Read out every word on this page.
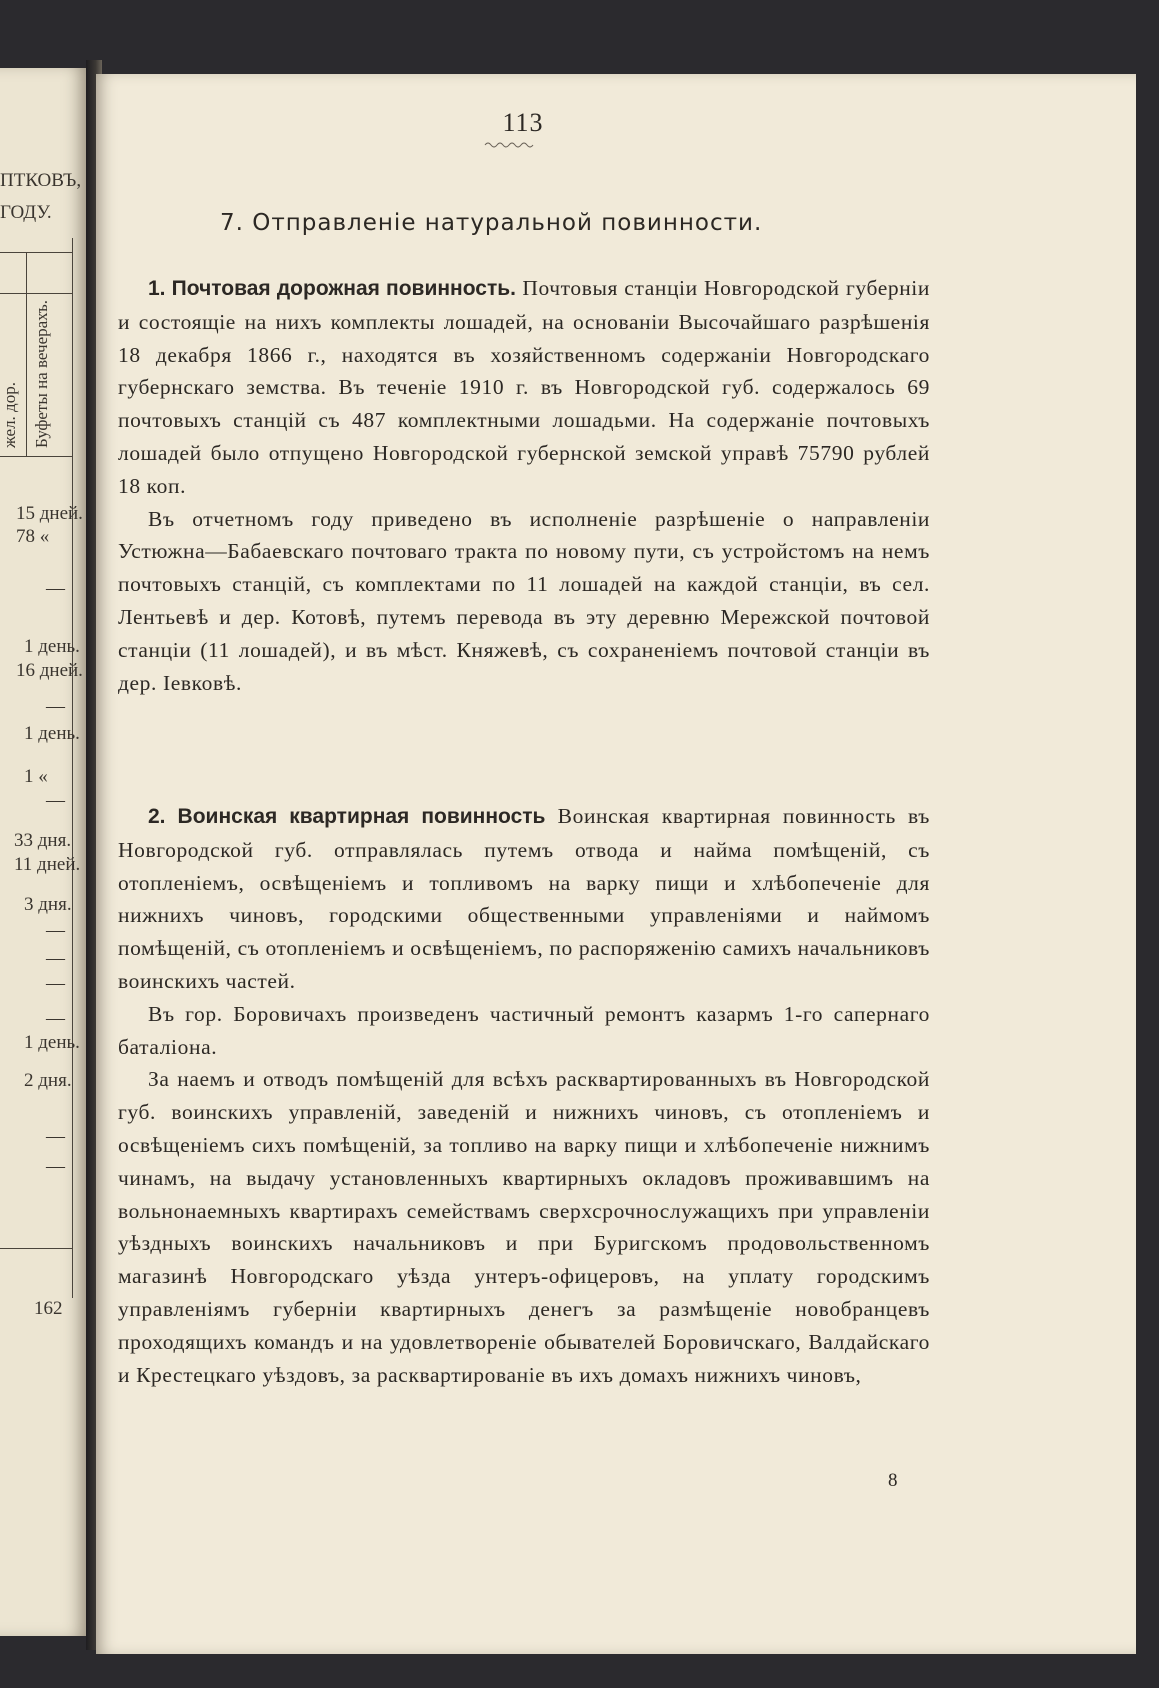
ПТКОВЪ,
ГОДУ.
жел. дор. Буфеты на вечерахъ.
15 дней.
78 «
—
1 день.
16 дней.
—
1 день.
1 «
—
33 дня.
11 дней.
3 дня.
—
—
—
—
1 день.
2 дня.
—
—
162
113
7. Отправленіе натуральной повинности.

1. Почтовая дорожная повинность. Почтовыя станціи Новгородской губерніи и состоящіе на нихъ комплекты лошадей, на основаніи Высочайшаго разрѣшенія 18 декабря 1866 г., находятся въ хозяйственномъ содержаніи Новгородскаго губернскаго земства. Въ теченіе 1910 г. въ Новгородской губ. содержалось 69 почтовыхъ станцій съ 487 комплектными лошадьми. На содержаніе почтовыхъ лошадей было отпущено Новгородской губернской земской управѣ 75790 рублей 18 коп.

Въ отчетномъ году приведено въ исполненіе разрѣшеніе о направленіи Устюжна—Бабаевскаго почтоваго тракта по новому пути, съ устройстомъ на немъ почтовыхъ станцій, съ комплектами по 11 лошадей на каждой станціи, въ сел. Лентьевѣ и дер. Котовѣ, путемъ перевода въ эту деревню Мережской почтовой станціи (11 лошадей), и въ мѣст. Княжевѣ, съ сохраненіемъ почтовой станціи въ дер. Іевковѣ.

2. Воинская квартирная повинность Воинская квартирная повинность въ Новгородской губ. отправлялась путемъ отвода и найма помѣщеній, съ отопленіемъ, освѣщеніемъ и топливомъ на варку пищи и хлѣбопеченіе для нижнихъ чиновъ, городскими общественными управленіями и наймомъ помѣщеній, съ отопленіемъ и освѣщеніемъ, по распоряженію самихъ начальниковъ воинскихъ частей.

Въ гор. Боровичахъ произведенъ частичный ремонтъ казармъ 1-го сапернаго баталіона.

За наемъ и отводъ помѣщеній для всѣхъ расквартированныхъ въ Новгородской губ. воинскихъ управленій, заведеній и нижнихъ чиновъ, съ отопленіемъ и освѣщеніемъ сихъ помѣщеній, за топливо на варку пищи и хлѣбопеченіе нижнимъ чинамъ, на выдачу установленныхъ квартирныхъ окладовъ проживавшимъ на вольнонаемныхъ квартирахъ семействамъ сверхсрочнослужащихъ при управленіи уѣздныхъ воинскихъ начальниковъ и при Буригскомъ продовольственномъ магазинѣ Новгородскаго уѣзда унтеръ-офицеровъ, на уплату городскимъ управленіямъ губерніи квартирныхъ денегъ за размѣщеніе новобранцевъ проходящихъ командъ и на удовлетвореніе обывателей Боровичскаго, Валдайскаго и Крестецкаго уѣздовъ, за расквартированіе въ ихъ домахъ нижнихъ чиновъ,

8
